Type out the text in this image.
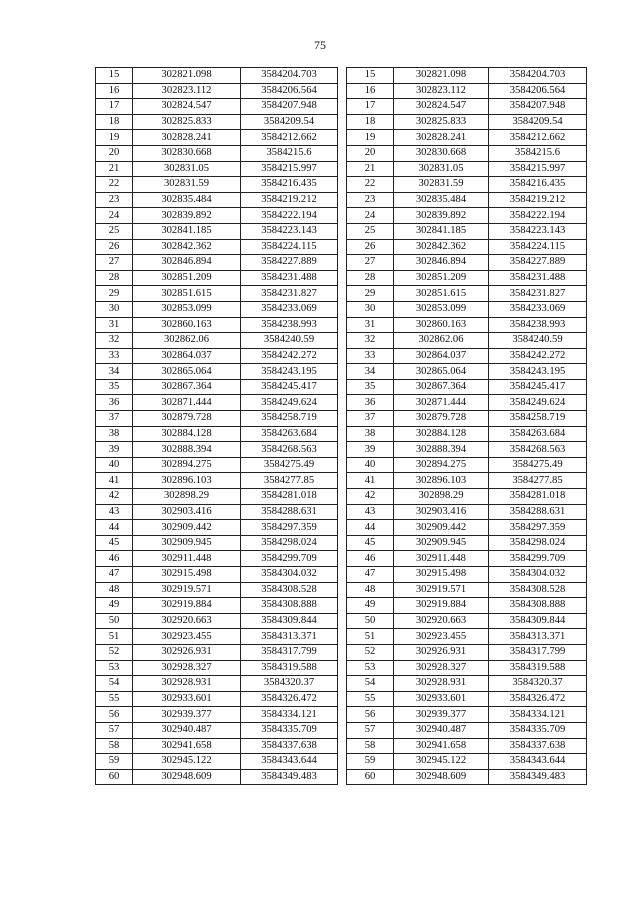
75
15	302821.098	3584204.703
16	302823.112	3584206.564
17	302824.547	3584207.948
18	302825.833	3584209.54
19	302828.241	3584212.662
20	302830.668	3584215.6
21	302831.05	3584215.997
22	302831.59	3584216.435
23	302835.484	3584219.212
24	302839.892	3584222.194
25	302841.185	3584223.143
26	302842.362	3584224.115
27	302846.894	3584227.889
28	302851.209	3584231.488
29	302851.615	3584231.827
30	302853.099	3584233.069
31	302860.163	3584238.993
32	302862.06	3584240.59
33	302864.037	3584242.272
34	302865.064	3584243.195
35	302867.364	3584245.417
36	302871.444	3584249.624
37	302879.728	3584258.719
38	302884.128	3584263.684
39	302888.394	3584268.563
40	302894.275	3584275.49
41	302896.103	3584277.85
42	302898.29	3584281.018
43	302903.416	3584288.631
44	302909.442	3584297.359
45	302909.945	3584298.024
46	302911.448	3584299.709
47	302915.498	3584304.032
48	302919.571	3584308.528
49	302919.884	3584308.888
50	302920.663	3584309.844
51	302923.455	3584313.371
52	302926.931	3584317.799
53	302928.327	3584319.588
54	302928.931	3584320.37
55	302933.601	3584326.472
56	302939.377	3584334.121
57	302940.487	3584335.709
58	302941.658	3584337.638
59	302945.122	3584343.644
60	302948.609	3584349.483
15	302821.098	3584204.703
16	302823.112	3584206.564
17	302824.547	3584207.948
18	302825.833	3584209.54
19	302828.241	3584212.662
20	302830.668	3584215.6
21	302831.05	3584215.997
22	302831.59	3584216.435
23	302835.484	3584219.212
24	302839.892	3584222.194
25	302841.185	3584223.143
26	302842.362	3584224.115
27	302846.894	3584227.889
28	302851.209	3584231.488
29	302851.615	3584231.827
30	302853.099	3584233.069
31	302860.163	3584238.993
32	302862.06	3584240.59
33	302864.037	3584242.272
34	302865.064	3584243.195
35	302867.364	3584245.417
36	302871.444	3584249.624
37	302879.728	3584258.719
38	302884.128	3584263.684
39	302888.394	3584268.563
40	302894.275	3584275.49
41	302896.103	3584277.85
42	302898.29	3584281.018
43	302903.416	3584288.631
44	302909.442	3584297.359
45	302909.945	3584298.024
46	302911.448	3584299.709
47	302915.498	3584304.032
48	302919.571	3584308.528
49	302919.884	3584308.888
50	302920.663	3584309.844
51	302923.455	3584313.371
52	302926.931	3584317.799
53	302928.327	3584319.588
54	302928.931	3584320.37
55	302933.601	3584326.472
56	302939.377	3584334.121
57	302940.487	3584335.709
58	302941.658	3584337.638
59	302945.122	3584343.644
60	302948.609	3584349.483
